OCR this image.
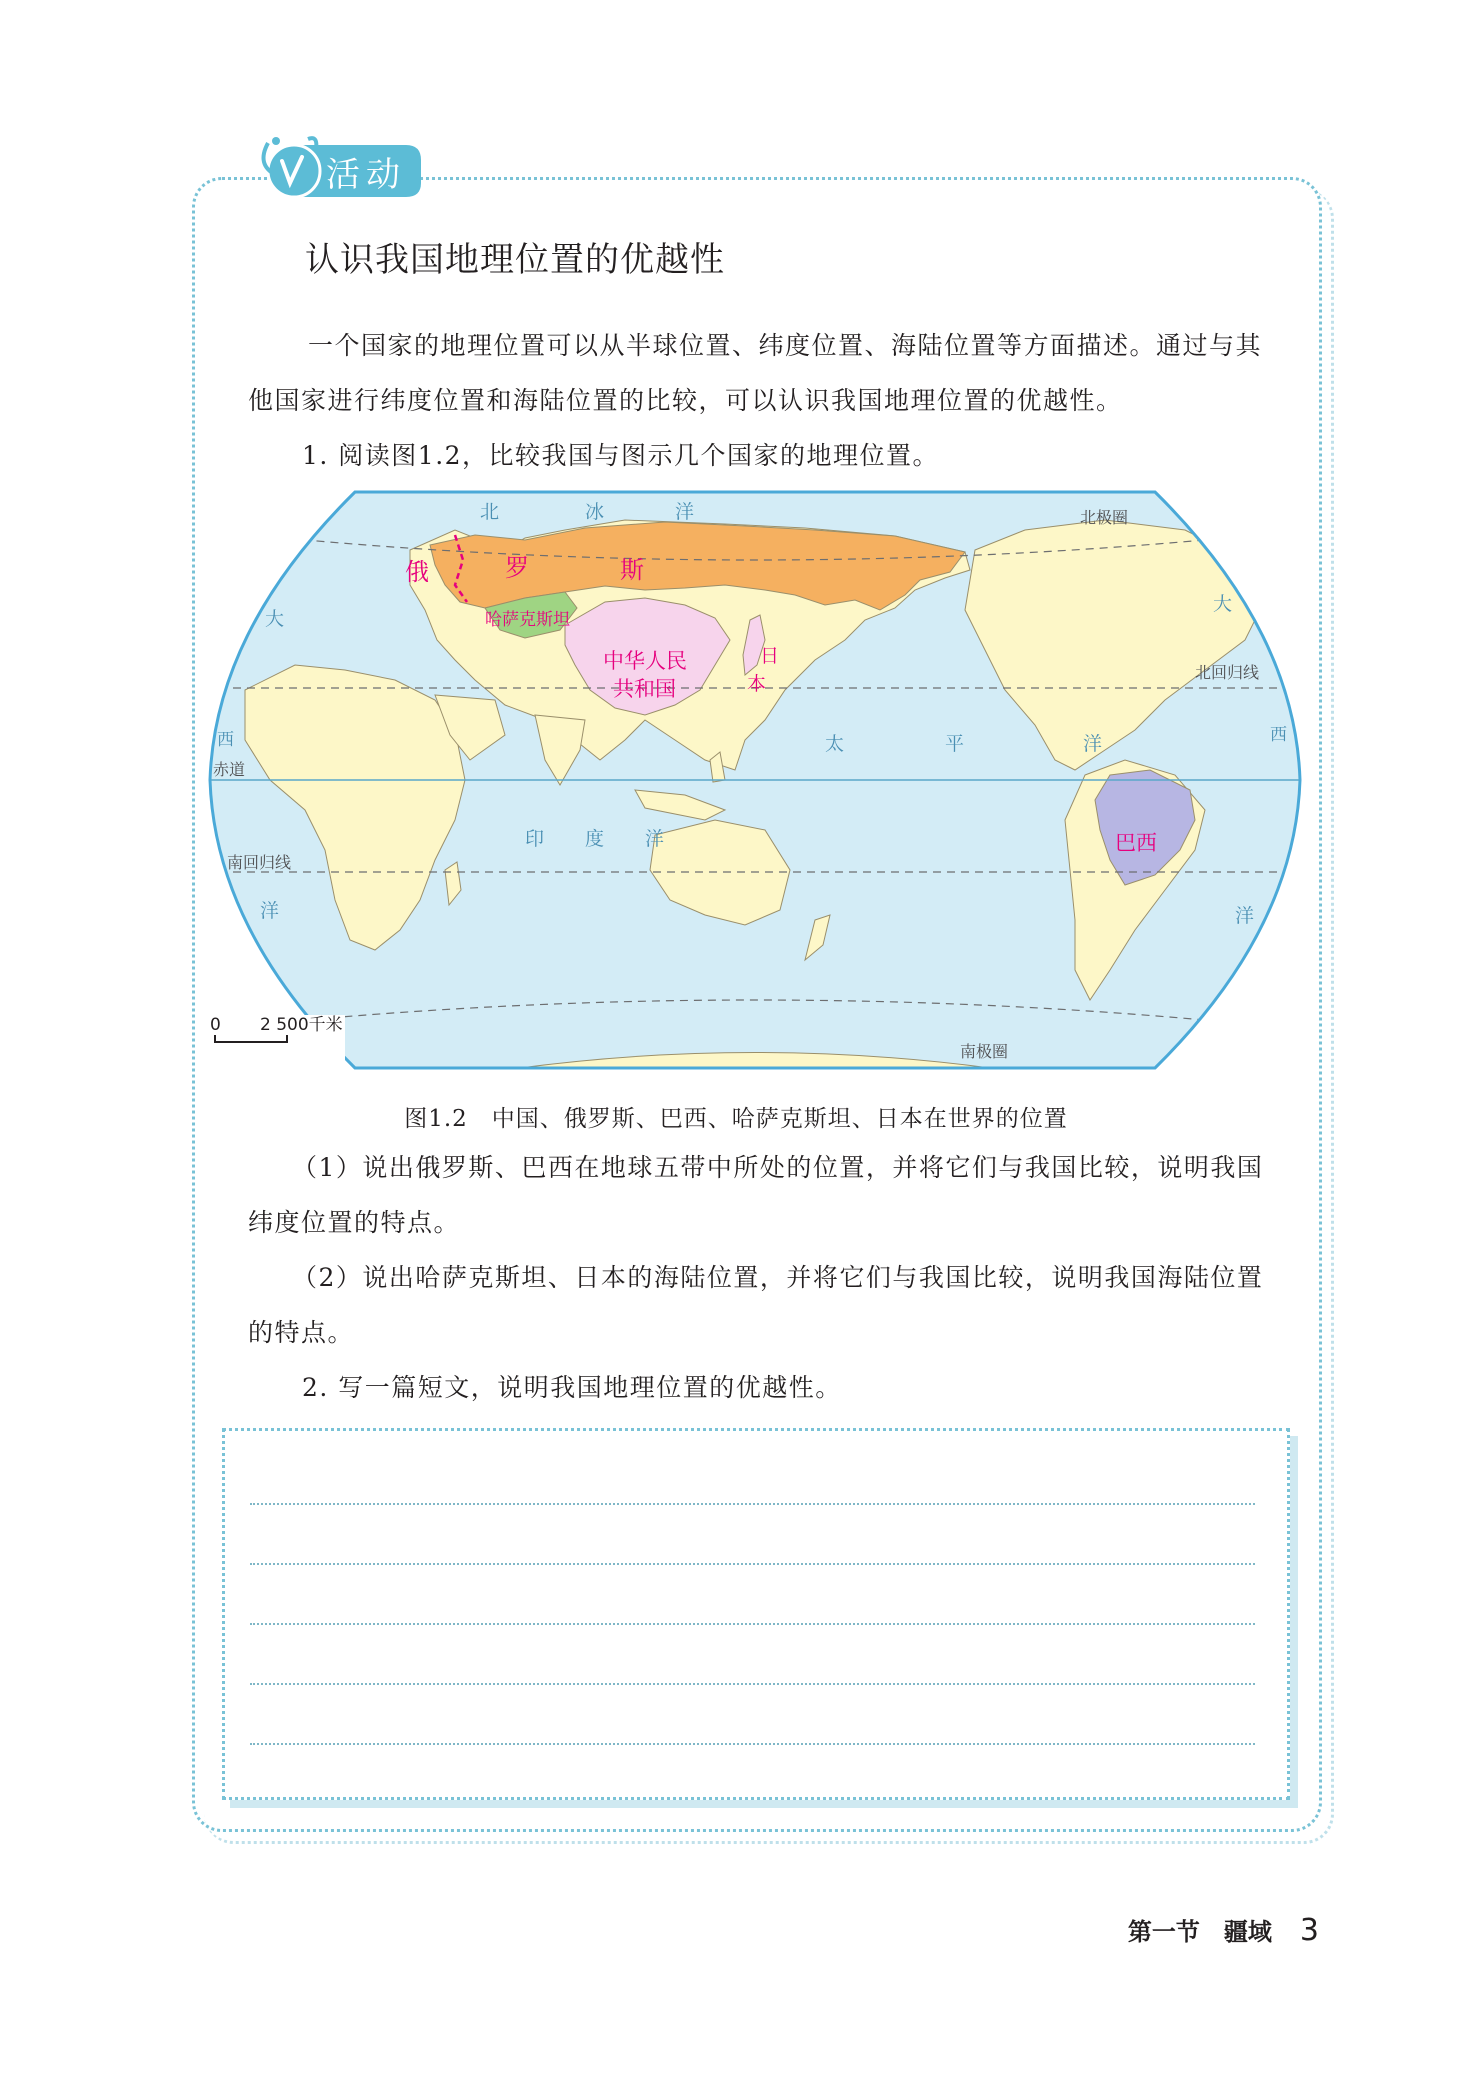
活动
认识我国地理位置的优越性

一个国家的地理位置可以从半球位置、纬度位置、海陆位置等方面描述。通过与其他国家进行纬度位置和海陆位置的比较，可以认识我国地理位置的优越性。

1. 阅读图1.2，比较我国与图示几个国家的地理位置。

俄	罗	斯
哈萨克斯坦
中华人民
共和国
日
本
巴西
北	冰	洋
大
西
洋
大
西
洋
太	平	洋
印 度 洋
北极圈
北回归线
赤道
南回归线
南极圈
0 2 500千米
图1.2　中国、俄罗斯、巴西、哈萨克斯坦、日本在世界的位置

（1）说出俄罗斯、巴西在地球五带中所处的位置，并将它们与我国比较，说明我国纬度位置的特点。

（2）说出哈萨克斯坦、日本的海陆位置，并将它们与我国比较，说明我国海陆位置的特点。

2. 写一篇短文，说明我国地理位置的优越性。

第一节　疆域 3
